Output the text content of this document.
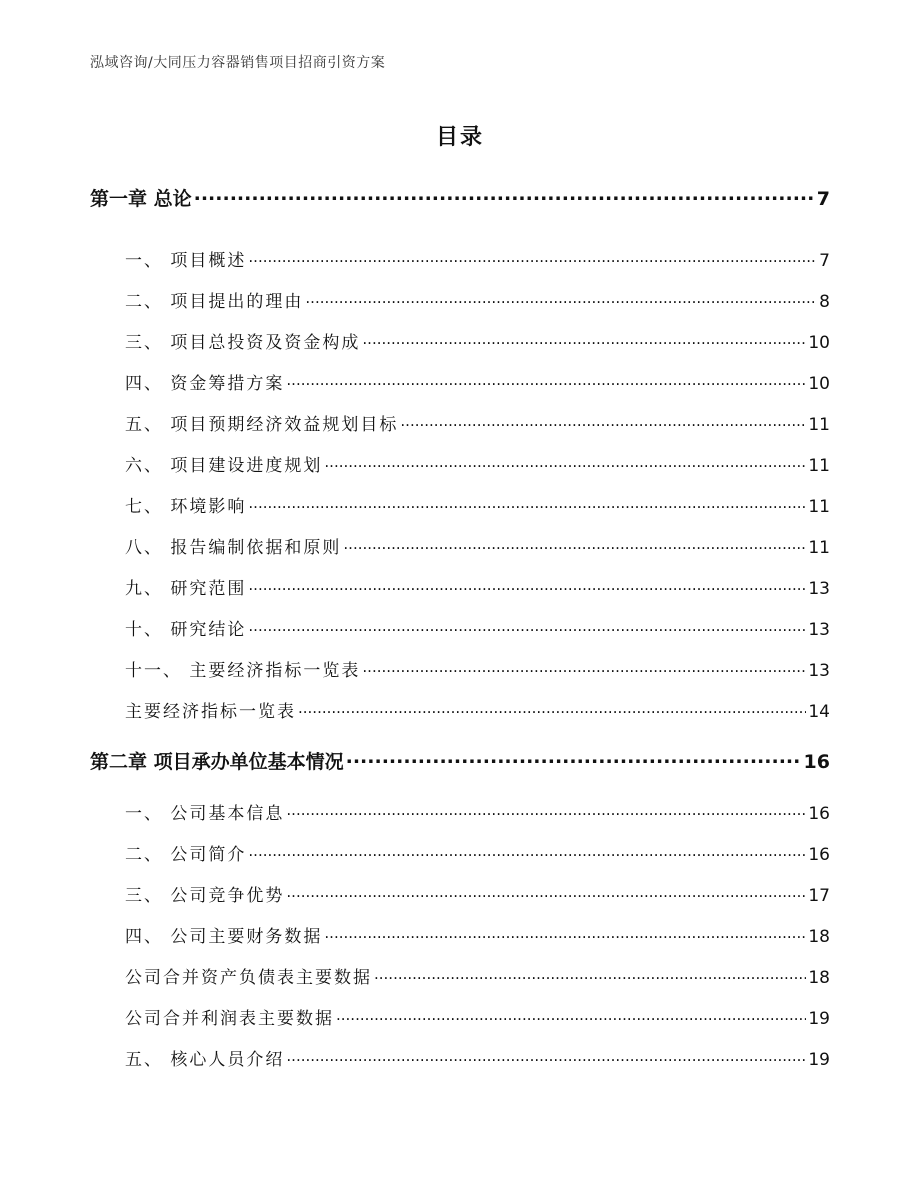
泓域咨询/大同压力容器销售项目招商引资方案
目录
第一章 总论 .....	7
一、 项目概述 .....	7
二、 项目提出的理由 .....	8
三、 项目总投资及资金构成 .....	10
四、 资金筹措方案 .....	10
五、 项目预期经济效益规划目标 .....	11
六、 项目建设进度规划 .....	11
七、 环境影响 .....	11
八、 报告编制依据和原则 .....	11
九、 研究范围 .....	13
十、 研究结论 .....	13
十一、 主要经济指标一览表 .....	13
主要经济指标一览表 .....	14
第二章 项目承办单位基本情况 .....	16
一、 公司基本信息 .....	16
二、 公司简介 .....	16
三、 公司竞争优势 .....	17
四、 公司主要财务数据 .....	18
公司合并资产负债表主要数据 .....	18
公司合并利润表主要数据 .....	19
五、 核心人员介绍 .....	19
